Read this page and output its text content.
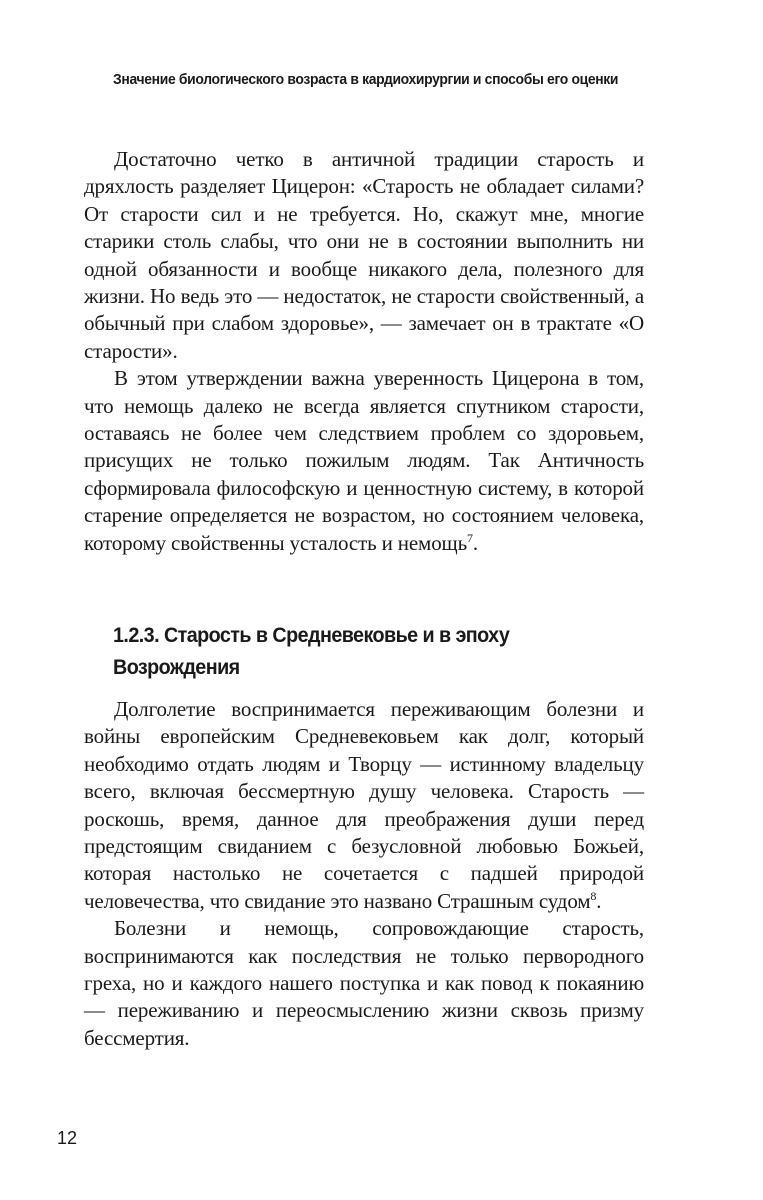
Значение биологического возраста в кардиохирургии и способы его оценки

Достаточно четко в античной традиции старость и дряхлость разделяет Цицерон: «Старость не обладает силами? От старости сил и не требуется. Но, скажут мне, многие старики столь слабы, что они не в состоянии выполнить ни одной обязанности и вообще никакого дела, полезного для жизни. Но ведь это — недостаток, не старости свойственный, а обычный при слабом здоровье», — замечает он в трактате «О старости».

В этом утверждении важна уверенность Цицерона в том, что немощь далеко не всегда является спутником старости, оставаясь не более чем следствием проблем со здоровьем, присущих не только пожилым людям. Так Античность сформировала философскую и ценностную систему, в которой старение определяется не возрастом, но состоянием человека, которому свойственны усталость и немощь$^7$.

1.2.3. Старость в Средневековье и в эпоху Возрождения

Долголетие воспринимается переживающим болезни и войны европейским Средневековьем как долг, который необходимо отдать людям и Творцу — истинному владельцу всего, включая бессмертную душу человека. Старость — роскошь, время, данное для преображения души перед предстоящим свиданием с безусловной любовью Божьей, которая настолько не сочетается с падшей природой человечества, что свидание это названо Страшным судом$^8$.

Болезни и немощь, сопровождающие старость, воспринимаются как последствия не только первородного греха, но и каждого нашего поступка и как повод к покаянию — переживанию и переосмыслению жизни сквозь призму бессмертия.

12
